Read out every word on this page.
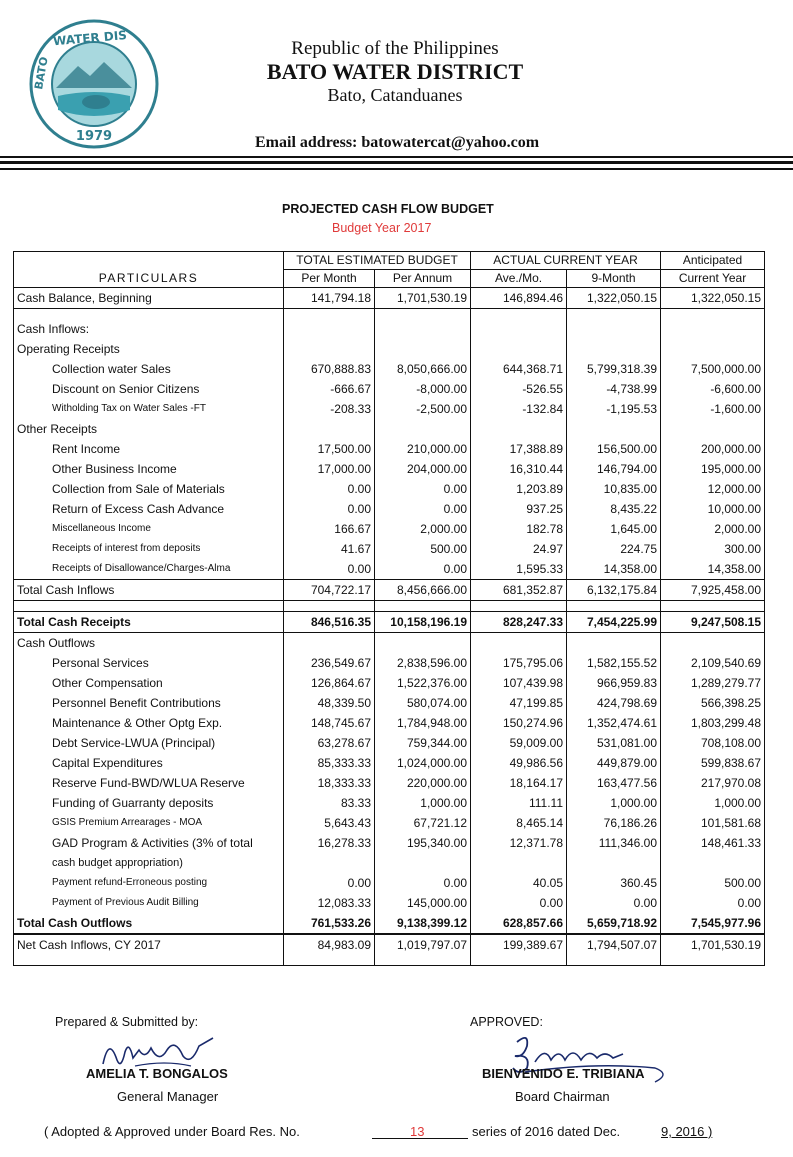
WATER DIS
1979
BATO
Republic of the Philippines
BATO WATER DISTRICT
Bato, Catanduanes
Email address: batowatercat@yahoo.com
PROJECTED CASH FLOW BUDGET
Budget Year 2017
PARTICULARS	TOTAL ESTIMATED BUDGET		ACTUAL CURRENT YEAR		Anticipated
	Per Month	Per Annum	Ave./Mo.	9-Month	Current Year
Cash Balance, Beginning	141,794.18	1,701,530.19	146,894.46	1,322,050.15	1,322,050.15

Cash Inflows:					
Operating Receipts					
Collection water Sales	670,888.83	8,050,666.00	644,368.71	5,799,318.39	7,500,000.00
Discount on Senior Citizens	-666.67	-8,000.00	-526.55	-4,738.99	-6,600.00
Witholding Tax on Water Sales -FT	-208.33	-2,500.00	-132.84	-1,195.53	-1,600.00
Other Receipts					
Rent Income	17,500.00	210,000.00	17,388.89	156,500.00	200,000.00
Other Business Income	17,000.00	204,000.00	16,310.44	146,794.00	195,000.00
Collection from Sale of Materials	0.00	0.00	1,203.89	10,835.00	12,000.00
Return of Excess Cash Advance	0.00	0.00	937.25	8,435.22	10,000.00
Miscellaneous Income	166.67	2,000.00	182.78	1,645.00	2,000.00
Receipts of interest from deposits	41.67	500.00	24.97	224.75	300.00
Receipts of Disallowance/Charges-Alma	0.00	0.00	1,595.33	14,358.00	14,358.00
Total Cash Inflows	704,722.17	8,456,666.00	681,352.87	6,132,175.84	7,925,458.00

Total Cash Receipts	846,516.35	10,158,196.19	828,247.33	7,454,225.99	9,247,508.15
Cash Outflows					
Personal Services	236,549.67	2,838,596.00	175,795.06	1,582,155.52	2,109,540.69
Other Compensation	126,864.67	1,522,376.00	107,439.98	966,959.83	1,289,279.77
Personnel Benefit Contributions	48,339.50	580,074.00	47,199.85	424,798.69	566,398.25
Maintenance & Other Optg Exp.	148,745.67	1,784,948.00	150,274.96	1,352,474.61	1,803,299.48
Debt Service-LWUA (Principal)	63,278.67	759,344.00	59,009.00	531,081.00	708,108.00
Capital Expenditures	85,333.33	1,024,000.00	49,986.56	449,879.00	599,838.67
Reserve Fund-BWD/WLUA Reserve	18,333.33	220,000.00	18,164.17	163,477.56	217,970.08
Funding of Guarranty deposits	83.33	1,000.00	111.11	1,000.00	1,000.00
GSIS Premium Arrearages - MOA	5,643.43	67,721.12	8,465.14	76,186.26	101,581.68
GAD Program & Activities (3% of total	16,278.33	195,340.00	12,371.78	111,346.00	148,461.33
cash budget appropriation)					
Payment refund-Erroneous posting	0.00	0.00	40.05	360.45	500.00
Payment of Previous Audit Billing	12,083.33	145,000.00	0.00	0.00	0.00
Total Cash Outflows	761,533.26	9,138,399.12	628,857.66	5,659,718.92	7,545,977.96
Net Cash Inflows, CY 2017	84,983.09	1,019,797.07	199,389.67	1,794,507.07	1,701,530.19

Prepared & Submitted by:	APPROVED:
AMELIA T. BONGALOS
General Manager
BIENVENIDO E. TRIBIANA
Board Chairman
( Adopted & Approved under Board Res. No.	13	series of 2016 dated Dec.	9, 2016 )
